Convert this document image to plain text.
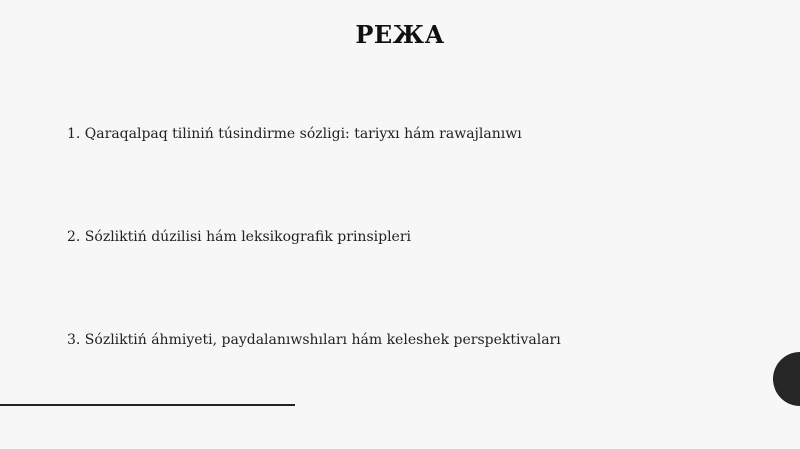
РЕЖА
1. Qaraqalpaq tiliniń túsindirme sózligi: tariyxı hám rawajlanıwı
2. Sózliktiń dúzilisi hám leksikografik prinsipleri
3. Sózliktiń áhmiyeti, paydalanıwshıları hám keleshek perspektivaları
